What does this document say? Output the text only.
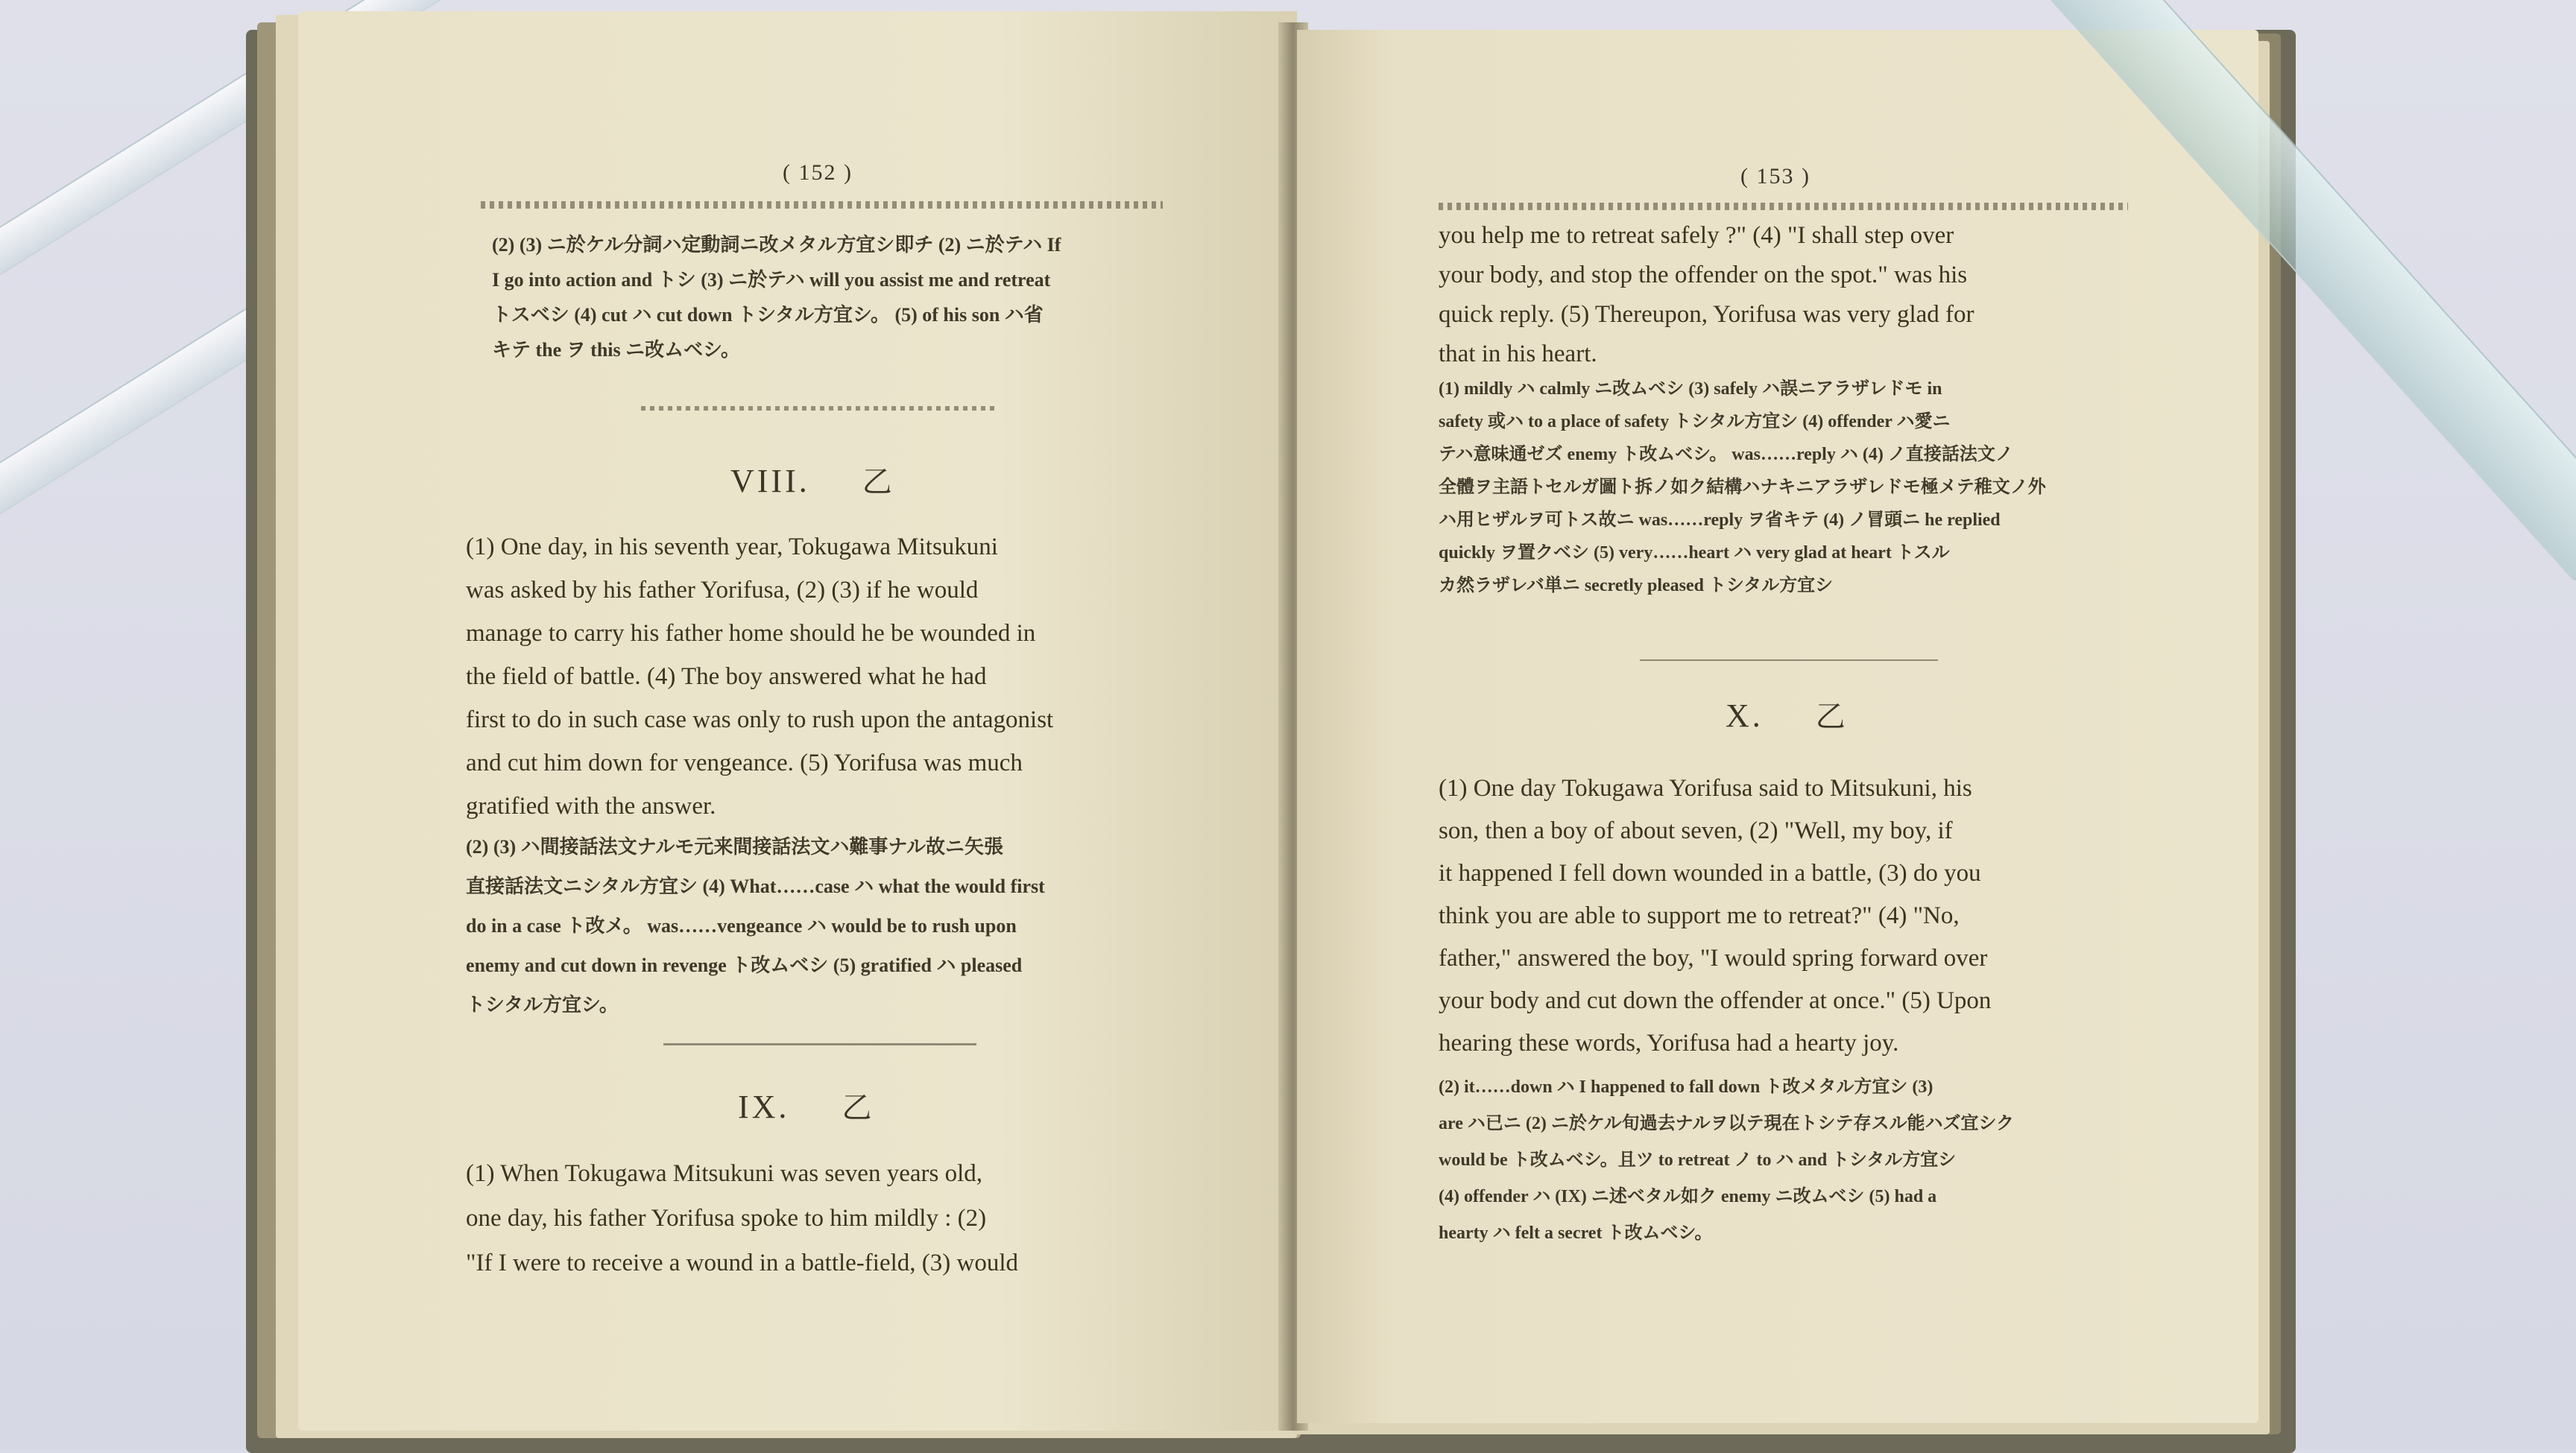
( 152 )

(2) (3) ニ於ケル分詞ハ定動詞ニ改メタル方宜シ即チ (2) ニ於テハ If

I go into action and トシ (3) ニ於テハ will you assist me and retreat

トスベシ (4) cut ハ cut down トシタル方宜シ。 (5) of his son ハ省

キテ the ヲ this ニ改ムベシ。

VIII. 乙

(1) One day, in his seventh year, Tokugawa Mitsukuni

was asked by his father Yorifusa, (2) (3) if he would

manage to carry his father home should he be wounded in

the field of battle. (4) The boy answered what he had

first to do in such case was only to rush upon the antagonist

and cut him down for vengeance. (5) Yorifusa was much

gratified with the answer.

(2) (3) ハ間接話法文ナルモ元来間接話法文ハ難事ナル故ニ矢張

直接話法文ニシタル方宜シ (4) What……case ハ what the would first

do in a case ト改メ。 was……vengeance ハ would be to rush upon

enemy and cut down in revenge ト改ムベシ (5) gratified ハ pleased

トシタル方宜シ。

IX. 乙

(1) When Tokugawa Mitsukuni was seven years old,

one day, his father Yorifusa spoke to him mildly : (2)

"If I were to receive a wound in a battle-field, (3) would

( 153 )

you help me to retreat safely ?" (4) "I shall step over

your body, and stop the offender on the spot." was his

quick reply. (5) Thereupon, Yorifusa was very glad for

that in his heart.

(1) mildly ハ calmly ニ改ムベシ (3) safely ハ誤ニアラザレドモ in

safety 或ハ to a place of safety トシタル方宜シ (4) offender ハ愛ニ

テハ意味通ゼズ enemy ト改ムベシ。 was……reply ハ (4) ノ直接話法文ノ

全體ヲ主語トセルガ圖ト拆ノ如ク結構ハナキニアラザレドモ極メテ稚文ノ外

ハ用ヒザルヲ可トス故ニ was……reply ヲ省キテ (4) ノ冒頭ニ he replied

quickly ヲ置クベシ (5) very……heart ハ very glad at heart トスル

カ然ラザレバ単ニ secretly pleased トシタル方宜シ

X. 乙

(1) One day Tokugawa Yorifusa said to Mitsukuni, his

son, then a boy of about seven, (2) "Well, my boy, if

it happened I fell down wounded in a battle, (3) do you

think you are able to support me to retreat?" (4) "No,

father," answered the boy, "I would spring forward over

your body and cut down the offender at once." (5) Upon

hearing these words, Yorifusa had a hearty joy.

(2) it……down ハ I happened to fall down ト改メタル方宜シ (3)

are ハ已ニ (2) ニ於ケル旬過去ナルヲ以テ現在トシテ存スル能ハズ宜シク

would be ト改ムベシ。且ツ to retreat ノ to ハ and トシタル方宜シ

(4) offender ハ (IX) ニ述ベタル如ク enemy ニ改ムベシ (5) had a

hearty ハ felt a secret ト改ムベシ。
